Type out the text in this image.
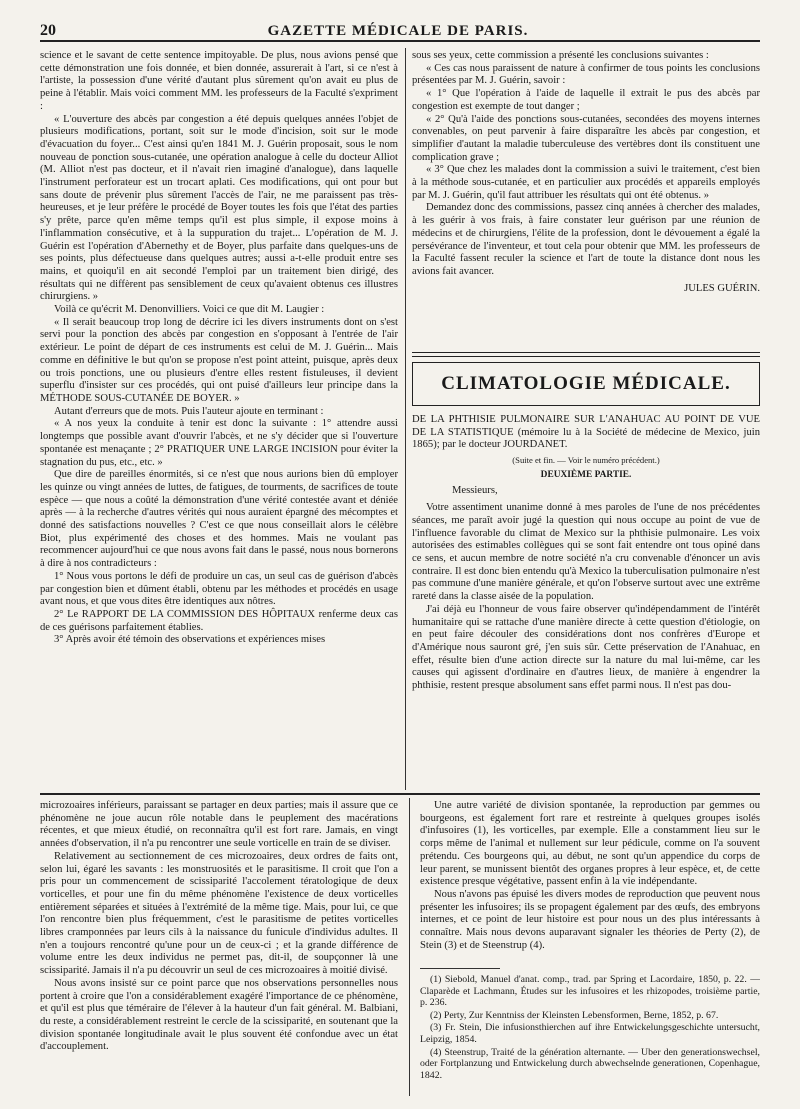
20	GAZETTE MÉDICALE DE PARIS.

science et le savant de cette sentence impitoyable. De plus, nous avions pensé que cette démonstration une fois donnée, et bien donnée, assurerait à l'art, si ce n'est à l'artiste, la possession d'une vérité d'autant plus sûrement qu'on avait eu plus de peine à l'établir. Mais voici comment MM. les professeurs de la Faculté s'expriment :

« L'ouverture des abcès par congestion a été depuis quelques années l'objet de plusieurs modifications, portant, soit sur le mode d'incision, soit sur le mode d'évacuation du foyer... C'est ainsi qu'en 1841 M. J. Guérin proposait, sous le nom nouveau de ponction sous-cutanée, une opération analogue à celle du docteur Alliot (M. Alliot n'est pas docteur, et il n'avait rien imaginé d'analogue), dans laquelle l'instrument perforateur est un trocart aplati. Ces modifications, qui ont pour but sans doute de prévenir plus sûrement l'accès de l'air, ne me paraissent pas très-heureuses, et je leur préfère le procédé de Boyer toutes les fois que l'état des parties s'y prête, parce qu'en même temps qu'il est plus simple, il expose moins à l'inflammation consécutive, et à la suppuration du trajet... L'opération de M. J. Guérin est l'opération d'Abernethy et de Boyer, plus parfaite dans quelques-uns de ses points, plus défectueuse dans quelques autres; aussi a-t-elle produit entre ses mains, et quoiqu'il en ait secondé l'emploi par un traitement bien dirigé, des résultats qui ne diffèrent pas sensiblement de ceux qu'avaient obtenus ces illustres chirurgiens. »

Voilà ce qu'écrit M. Denonvilliers. Voici ce que dit M. Laugier :

« Il serait beaucoup trop long de décrire ici les divers instruments dont on s'est servi pour la ponction des abcès par congestion en s'opposant à l'entrée de l'air extérieur. Le point de départ de ces instruments est celui de M. J. Guérin... Mais comme en définitive le but qu'on se propose n'est point atteint, puisque, après deux ou trois ponctions, une ou plusieurs d'entre elles restent fistuleuses, il devient superflu d'insister sur ces procédés, qui ont puisé d'ailleurs leur principe dans la MÉTHODE SOUS-CUTANÉE DE BOYER. »

Autant d'erreurs que de mots. Puis l'auteur ajoute en terminant :

« A nos yeux la conduite à tenir est donc la suivante : 1° attendre aussi longtemps que possible avant d'ouvrir l'abcès, et ne s'y décider que si l'ouverture spontanée est menaçante ; 2° PRATIQUER UNE LARGE INCISION pour éviter la stagnation du pus, etc., etc. »

Que dire de pareilles énormités, si ce n'est que nous aurions bien dû employer les quinze ou vingt années de luttes, de fatigues, de tourments, de sacrifices de toute espèce — que nous a coûté la démonstration d'une vérité contestée avant et déniée après — à la recherche d'autres vérités qui nous auraient épargné des mécomptes et donné des satisfactions nouvelles ? C'est ce que nous conseillait alors le célèbre Biot, plus expérimenté des choses et des hommes. Mais ne voulant pas recommencer aujourd'hui ce que nous avons fait dans le passé, nous nous bornerons à dire à nos contradicteurs :

1° Nous vous portons le défi de produire un cas, un seul cas de guérison d'abcès par congestion bien et dûment établi, obtenu par les méthodes et procédés en usage avant nous, et que vous dites être identiques aux nôtres.

2° Le RAPPORT DE LA COMMISSION DES HÔPITAUX renferme deux cas de ces guérisons parfaitement établies.

3° Après avoir été témoin des observations et expériences mises

sous ses yeux, cette commission a présenté les conclusions suivantes :

« Ces cas nous paraissent de nature à confirmer de tous points les conclusions présentées par M. J. Guérin, savoir :

« 1° Que l'opération à l'aide de laquelle il extrait le pus des abcès par congestion est exempte de tout danger ;

« 2° Qu'à l'aide des ponctions sous-cutanées, secondées des moyens internes convenables, on peut parvenir à faire disparaître les abcès par congestion, et simplifier d'autant la maladie tuberculeuse des vertèbres dont ils constituent une complication grave ;

« 3° Que chez les malades dont la commission a suivi le traitement, c'est bien à la méthode sous-cutanée, et en particulier aux procédés et appareils employés par M. J. Guérin, qu'il faut attribuer les résultats qui ont été obtenus. »

Demandez donc des commissions, passez cinq années à chercher des malades, à les guérir à vos frais, à faire constater leur guérison par une réunion de médecins et de chirurgiens, l'élite de la profession, dont le dévouement a égalé la persévérance de l'inventeur, et tout cela pour obtenir que MM. les professeurs de la Faculté fassent reculer la science et l'art de toute la distance dont nous les avions fait avancer.

JULES GUÉRIN.

CLIMATOLOGIE MÉDICALE.

DE LA PHTHISIE PULMONAIRE SUR L'ANAHUAC AU POINT DE VUE DE LA STATISTIQUE (mémoire lu à la Société de médecine de Mexico, juin 1865); par le docteur JOURDANET.

(Suite et fin. — Voir le numéro précédent.)

DEUXIÈME PARTIE.

Messieurs,

Votre assentiment unanime donné à mes paroles de l'une de nos précédentes séances, me paraît avoir jugé la question qui nous occupe au point de vue de l'influence favorable du climat de Mexico sur la phthisie pulmonaire. Les voix autorisées des estimables collègues qui se sont fait entendre ont tous opiné dans ce sens, et aucun membre de notre société n'a cru convenable d'énoncer un avis contraire. Il est donc bien entendu qu'à Mexico la tuberculisation pulmonaire n'est pas commune d'une manière générale, et qu'on l'observe surtout avec une extrême rareté dans la classe aisée de la population.

J'ai déjà eu l'honneur de vous faire observer qu'indépendamment de l'intérêt humanitaire qui se rattache d'une manière directe à cette question d'étiologie, on en peut faire découler des considérations dont nos confrères d'Europe et d'Amérique nous sauront gré, j'en suis sûr. Cette préservation de l'Anahuac, en effet, résulte bien d'une action directe sur la nature du mal lui-même, car les causes qui agissent d'ordinaire en d'autres lieux, de manière à engendrer la phthisie, restent presque absolument sans effet parmi nous. Il n'est pas dou-

microzoaires inférieurs, paraissant se partager en deux parties; mais il assure que ce phénomène ne joue aucun rôle notable dans le peuplement des macérations récentes, et que mieux étudié, on reconnaîtra qu'il est fort rare. Jamais, en vingt années d'observation, il n'a pu rencontrer une seule vorticelle en train de se diviser.

Relativement au sectionnement de ces microzoaires, deux ordres de faits ont, selon lui, égaré les savants : les monstruosités et le parasitisme. Il croit que l'on a pris pour un commencement de scissiparité l'accolement tératologique de deux vorticelles, et pour une fin du même phénomène l'existence de deux vorticelles entièrement séparées et situées à l'extrémité de la même tige. Mais, pour lui, ce que l'on rencontre bien plus fréquemment, c'est le parasitisme de petites vorticelles libres cramponnées par leurs cils à la naissance du funicule d'individus adultes. Il n'en a toujours rencontré qu'une pour un de ceux-ci ; et la grande différence de volume entre les deux individus ne permet pas, dit-il, de soupçonner là une scissiparité. Jamais il n'a pu découvrir un seul de ces microzoaires à moitié divisé.

Nous avons insisté sur ce point parce que nos observations personnelles nous portent à croire que l'on a considérablement exagéré l'importance de ce phénomène, et qu'il est plus que téméraire de l'élever à la hauteur d'un fait général. M. Balbiani, du reste, a considérablement restreint le cercle de la scissiparité, en soutenant que la division spontanée longitudinale avait le plus souvent été confondue avec un état d'accouplement.

Une autre variété de division spontanée, la reproduction par gemmes ou bourgeons, est également fort rare et restreinte à quelques groupes isolés d'infusoires (1), les vorticelles, par exemple. Elle a constamment lieu sur le corps même de l'animal et nullement sur leur pédicule, comme on l'a souvent prétendu. Ces bourgeons qui, au début, ne sont qu'un appendice du corps de leur parent, se munissent bientôt des organes propres à leur espèce, et, de cette existence presque végétative, passent enfin à la vie indépendante.

Nous n'avons pas épuisé les divers modes de reproduction que peuvent nous présenter les infusoires; ils se propagent également par des œufs, des embryons internes, et ce point de leur histoire est pour nous un des plus intéressants à connaître. Mais nous devons auparavant signaler les théories de Perty (2), de Stein (3) et de Steenstrup (4).

(1) Siebold, Manuel d'anat. comp., trad. par Spring et Lacordaire, 1850, p. 22. — Claparède et Lachmann, Études sur les infusoires et les rhizopodes, troisième partie, p. 236.

(2) Perty, Zur Kenntniss der Kleinsten Lebensformen, Berne, 1852, p. 67.

(3) Fr. Stein, Die infusionsthierchen auf ihre Entwickelungsgeschichte untersucht, Leipzig, 1854.

(4) Steenstrup, Traité de la génération alternante. — Uber den generationswechsel, oder Fortplanzung und Entwickelung durch abwechselnde generationen, Copenhague, 1842.
